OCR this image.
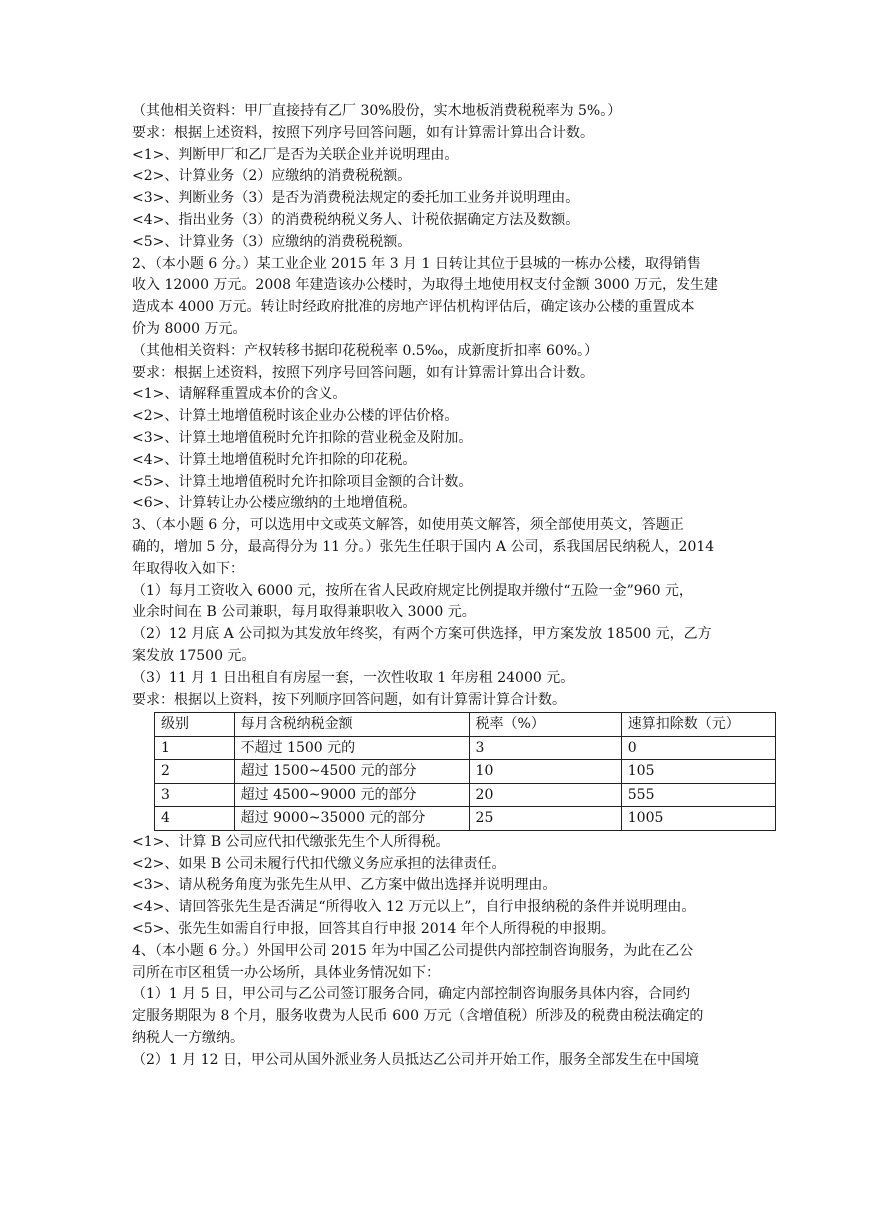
（其他相关资料：甲厂直接持有乙厂 30%股份，实木地板消费税税率为 5%。）
要求：根据上述资料，按照下列序号回答问题，如有计算需计算出合计数。
<1>、判断甲厂和乙厂是否为关联企业并说明理由。
<2>、计算业务（2）应缴纳的消费税税额。
<3>、判断业务（3）是否为消费税法规定的委托加工业务并说明理由。
<4>、指出业务（3）的消费税纳税义务人、计税依据确定方法及数额。
<5>、计算业务（3）应缴纳的消费税税额。
2、（本小题 6 分。）某工业企业 2015 年 3 月 1 日转让其位于县城的一栋办公楼，取得销售
收入 12000 万元。2008 年建造该办公楼时，为取得土地使用权支付金额 3000 万元，发生建
造成本 4000 万元。转让时经政府批准的房地产评估机构评估后，确定该办公楼的重置成本
价为 8000 万元。
（其他相关资料：产权转移书据印花税税率 0.5‰，成新度折扣率 60%。）
要求：根据上述资料，按照下列序号回答问题，如有计算需计算出合计数。
<1>、请解释重置成本价的含义。
<2>、计算土地增值税时该企业办公楼的评估价格。
<3>、计算土地增值税时允许扣除的营业税金及附加。
<4>、计算土地增值税时允许扣除的印花税。
<5>、计算土地增值税时允许扣除项目金额的合计数。
<6>、计算转让办公楼应缴纳的土地增值税。
3、（本小题 6 分，可以选用中文或英文解答，如使用英文解答，须全部使用英文，答题正
确的，增加 5 分，最高得分为 11 分。）张先生任职于国内 A 公司，系我国居民纳税人，2014
年取得收入如下：
（1）每月工资收入 6000 元，按所在省人民政府规定比例提取并缴付“五险一金”960 元，
业余时间在 B 公司兼职，每月取得兼职收入 3000 元。
（2）12 月底 A 公司拟为其发放年终奖，有两个方案可供选择，甲方案发放 18500 元，乙方
案发放 17500 元。
（3）11 月 1 日出租自有房屋一套，一次性收取 1 年房租 24000 元。
要求：根据以上资料，按下列顺序回答问题，如有计算需计算合计数。
级别	每月含税纳税金额	税率（%）	速算扣除数（元）
1	不超过 1500 元的	3	0
2	超过 1500~4500 元的部分	10	105
3	超过 4500~9000 元的部分	20	555
4	超过 9000~35000 元的部分	25	1005
<1>、计算 B 公司应代扣代缴张先生个人所得税。
<2>、如果 B 公司未履行代扣代缴义务应承担的法律责任。
<3>、请从税务角度为张先生从甲、乙方案中做出选择并说明理由。
<4>、请回答张先生是否满足“所得收入 12 万元以上”，自行申报纳税的条件并说明理由。
<5>、张先生如需自行申报，回答其自行申报 2014 年个人所得税的申报期。
4、（本小题 6 分。）外国甲公司 2015 年为中国乙公司提供内部控制咨询服务，为此在乙公
司所在市区租赁一办公场所，具体业务情况如下：
（1）1 月 5 日，甲公司与乙公司签订服务合同，确定内部控制咨询服务具体内容，合同约
定服务期限为 8 个月，服务收费为人民币 600 万元（含增值税）所涉及的税费由税法确定的
纳税人一方缴纳。
（2）1 月 12 日，甲公司从国外派业务人员抵达乙公司并开始工作，服务全部发生在中国境
